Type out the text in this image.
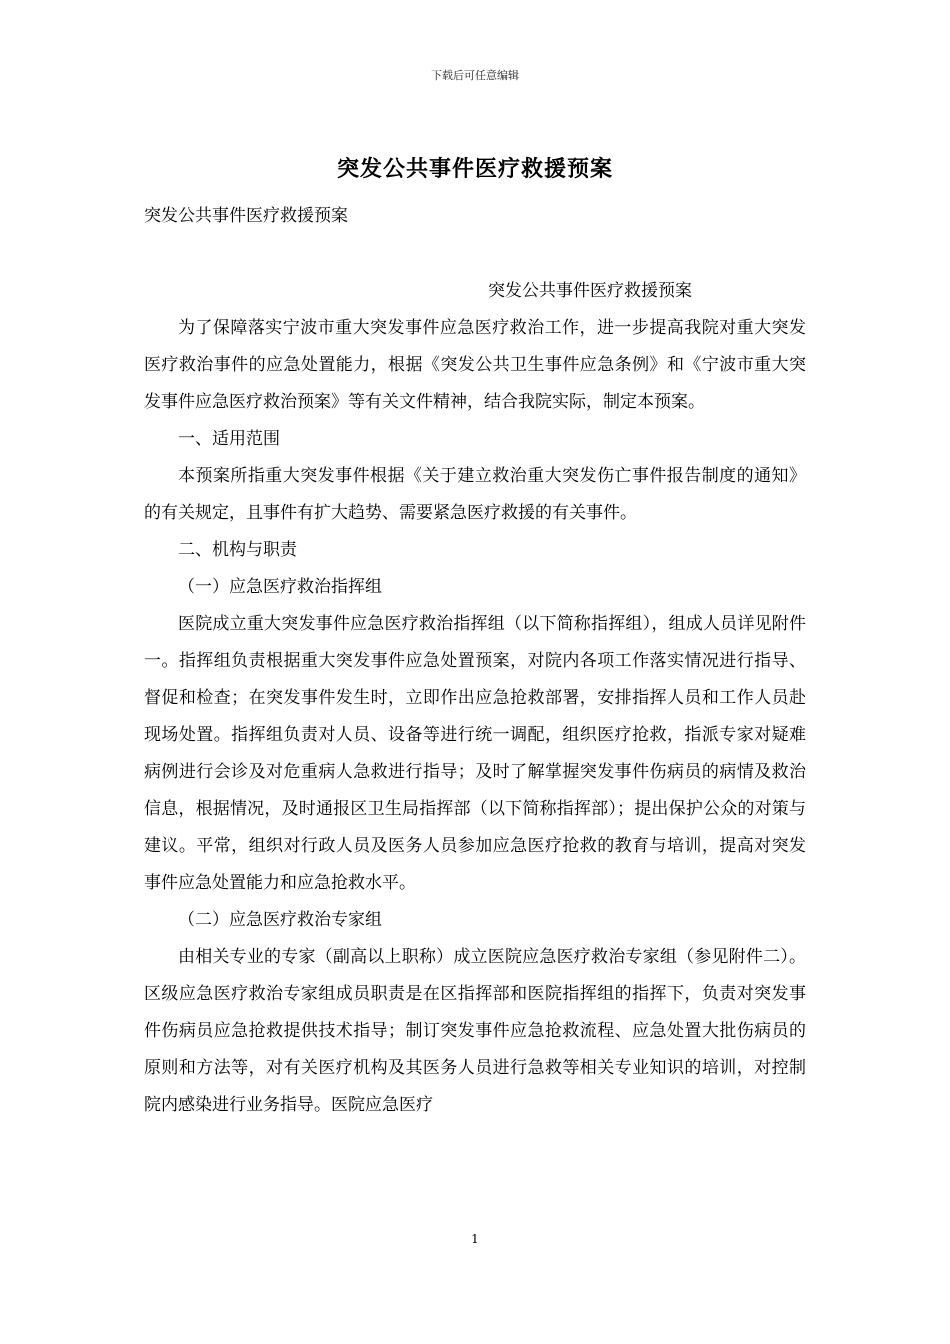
下载后可任意编辑
突发公共事件医疗救援预案
突发公共事件医疗救援预案
突发公共事件医疗救援预案

为了保障落实宁波市重大突发事件应急医疗救治工作，进一步提高我院对重大突发医疗救治事件的应急处置能力，根据《突发公共卫生事件应急条例》和《宁波市重大突发事件应急医疗救治预案》等有关文件精神，结合我院实际，制定本预案。

一、适用范围

本预案所指重大突发事件根据《关于建立救治重大突发伤亡事件报告制度的通知》的有关规定，且事件有扩大趋势、需要紧急医疗救援的有关事件。

二、机构与职责

（一）应急医疗救治指挥组

医院成立重大突发事件应急医疗救治指挥组（以下简称指挥组），组成人员详见附件一。指挥组负责根据重大突发事件应急处置预案，对院内各项工作落实情况进行指导、督促和检查；在突发事件发生时，立即作出应急抢救部署，安排指挥人员和工作人员赴现场处置。指挥组负责对人员、设备等进行统一调配，组织医疗抢救，指派专家对疑难病例进行会诊及对危重病人急救进行指导；及时了解掌握突发事件伤病员的病情及救治信息，根据情况，及时通报区卫生局指挥部（以下简称指挥部）；提出保护公众的对策与建议。平常，组织对行政人员及医务人员参加应急医疗抢救的教育与培训，提高对突发事件应急处置能力和应急抢救水平。

（二）应急医疗救治专家组

由相关专业的专家（副高以上职称）成立医院应急医疗救治专家组（参见附件二）。区级应急医疗救治专家组成员职责是在区指挥部和医院指挥组的指挥下，负责对突发事件伤病员应急抢救提供技术指导；制订突发事件应急抢救流程、应急处置大批伤病员的原则和方法等，对有关医疗机构及其医务人员进行急救等相关专业知识的培训，对控制院内感染进行业务指导。医院应急医疗

1
